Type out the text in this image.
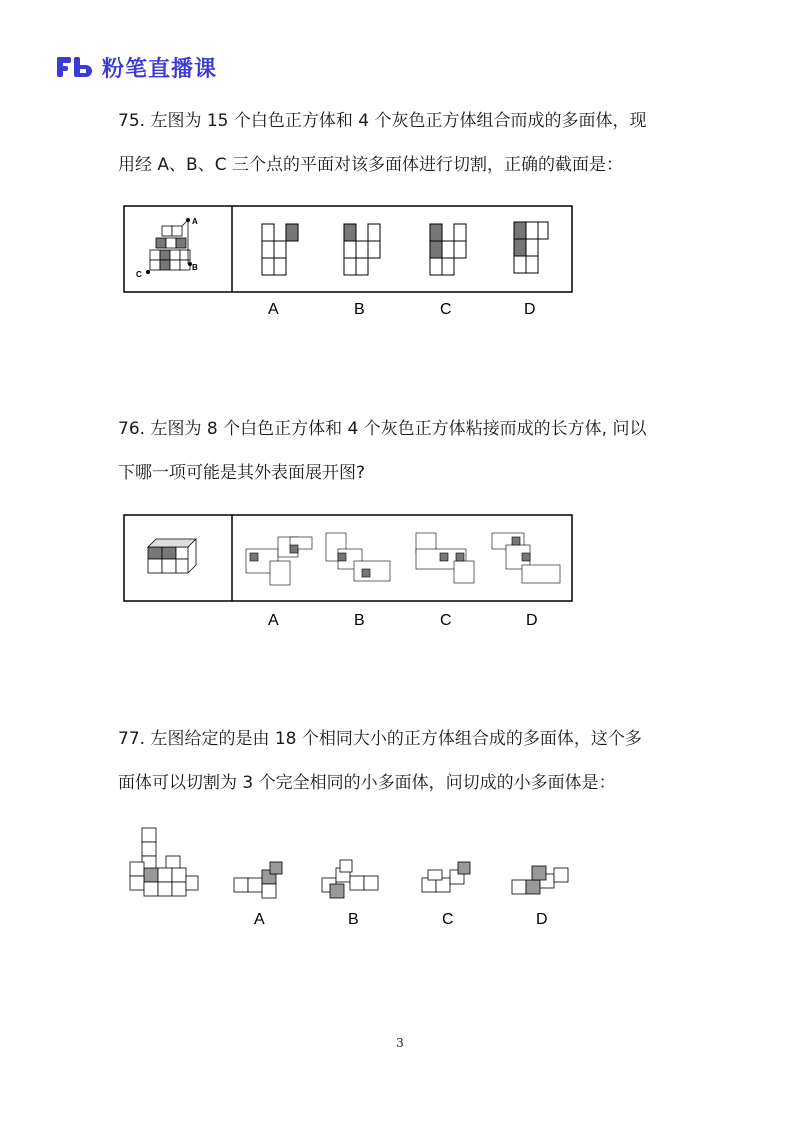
粉笔直播课
75. 左图为 15 个白色正方体和 4 个灰色正方体组合而成的多面体，现
用经 A、B、C 三个点的平面对该多面体进行切割，正确的截面是：
A
B
C
A	B	C	D
76. 左图为 8 个白色正方体和 4 个灰色正方体粘接而成的长方体, 问以
下哪一项可能是其外表面展开图?
A	B	C	D
77. 左图给定的是由 18 个相同大小的正方体组合成的多面体，这个多
面体可以切割为 3 个完全相同的小多面体，问切成的小多面体是：
A	B	C	D
3
